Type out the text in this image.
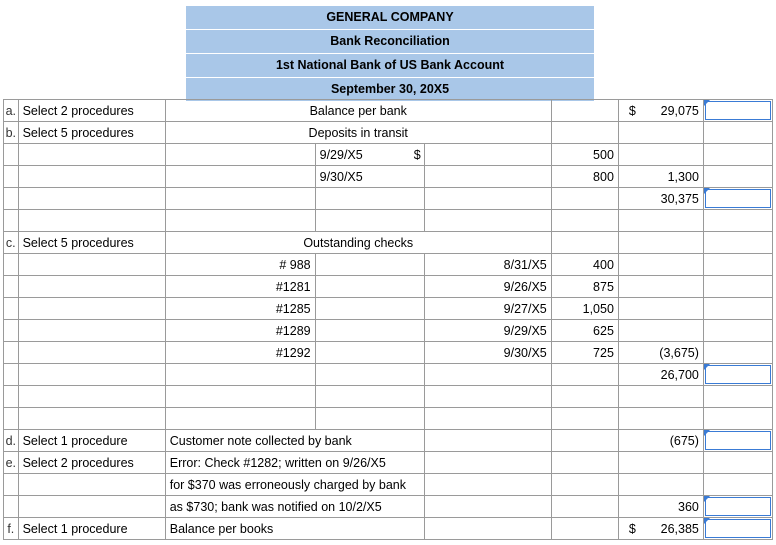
GENERAL COMPANY
Bank Reconciliation
1st National Bank of US Bank Account
September 30, 20X5
a.	Select 2 procedures	Balance per bank				$ 29,075	

b.	Select 5 procedures	Deposits in transit					
			9/29/X5		$ 500		
			9/30/X5		800	1,300	
						30,375	

c.	Select 5 procedures	Outstanding checks					
		# 988		8/31/X5	400		
		#1281		9/26/X5	875		
		#1285		9/27/X5	1,050		
		#1289		9/29/X5	625		
		#1292		9/30/X5	725	(3,675)	
						26,700	

d.	Select 1 procedure	Customer note collected by bank				(675)	

e.	Select 2 procedures	Error: Check #1282; written on 9/26/X5					
		for $370 was erroneously charged by bank					
		as $730; bank was notified on 10/2/X5				360	

f.	Select 1 procedure	Balance per books				$ 26,385	
